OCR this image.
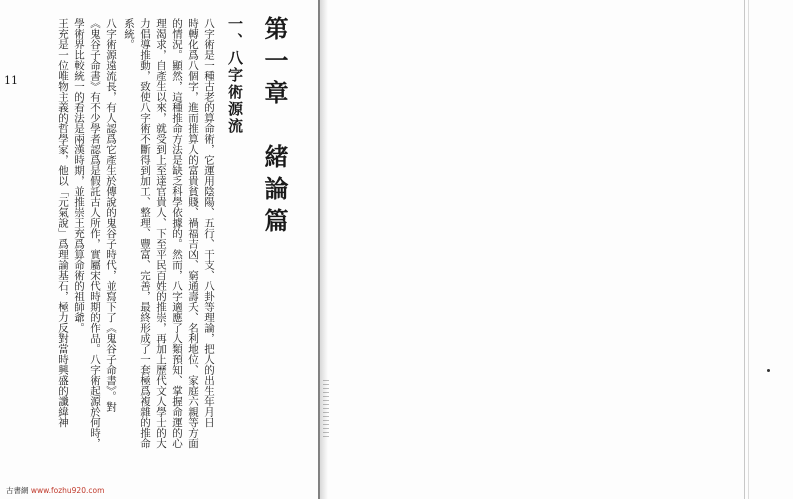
11	第一章　緒論篇
一、八字術源流
八字術是一種古老的算命術，它運用陰陽、五行、干支、八卦等理論，把人的出生年月日
時轉化爲八個字，進而推算人的富貴貧賤、禍福吉凶、窮通壽夭、名利地位、家庭六親等方面
的情況。顯然，這種推命方法是缺乏科學依據的。然而，八字適應了人類預知、掌握命運的心
理渴求，自產生以來，就受到上至達官貴人、下至平民百姓的推崇，再加上歷代文人學士的大
力倡導推動，致使八字術不斷得到加工、整理、豐富、完善，最終形成了一套極爲複雜的推命
系統。
八字術源遠流長，有人認爲它產生於傳說的鬼谷子時代，並寫下了《鬼谷子命書》。對
《鬼谷子命書》有不少學者認爲是假託古人所作，實屬宋代時期的作品。八字術起源於何時，
學術界比較統一的看法是兩漢時期，並推崇王充爲算命術的祖師爺。
王充是一位唯物主義的哲學家，他以「元氣說」爲理論基石，極力反對當時興盛的讖緯神
古書網 www.fozhu920.com
